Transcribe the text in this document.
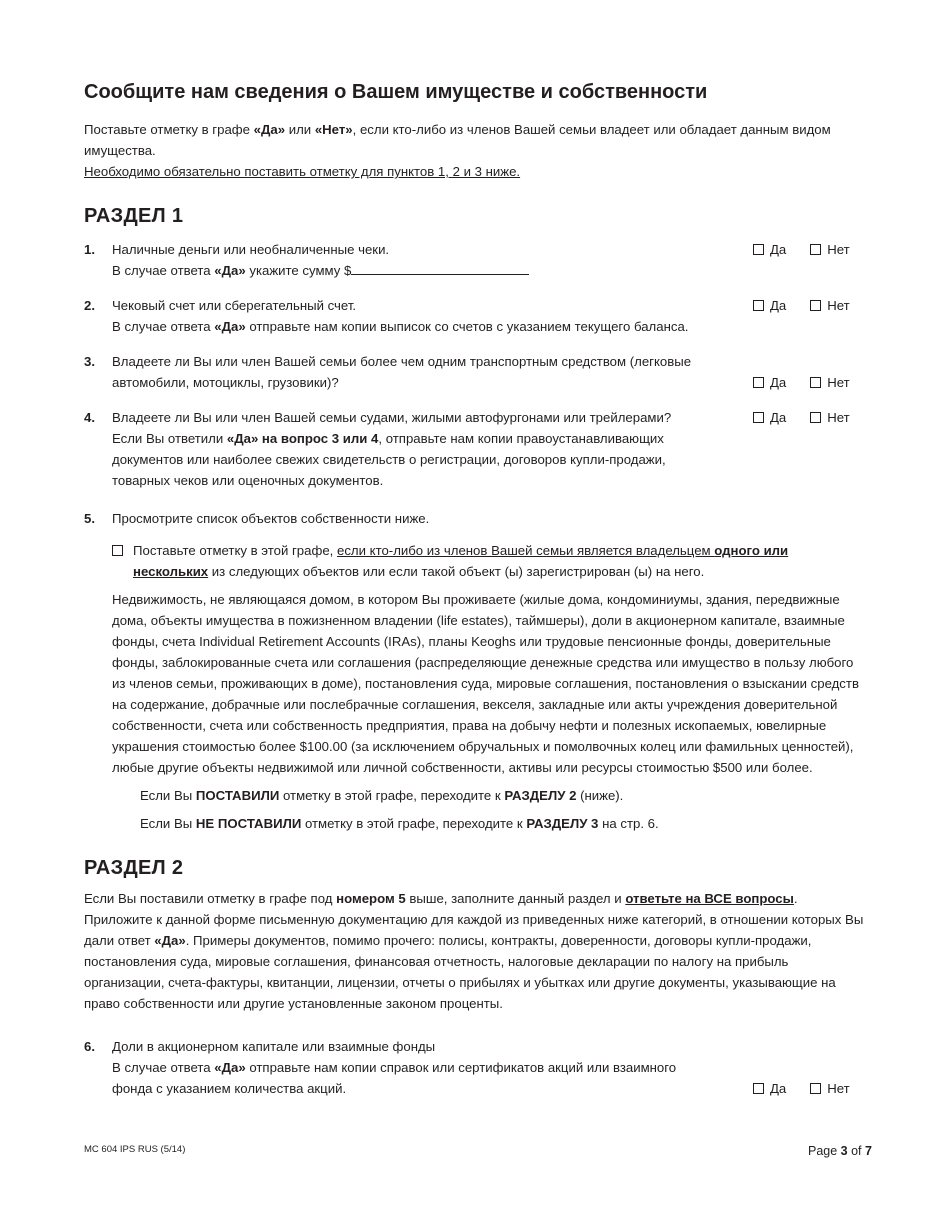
Сообщите нам сведения о Вашем имуществе и собственности

Поставьте отметку в графе «Да» или «Нет», если кто-либо из членов Вашей семьи владеет или обладает данным видом имущества.

Необходимо обязательно поставить отметку для пунктов 1, 2 и 3 ниже.

РАЗДЕЛ 1
1.	Да	Нет

Наличные деньги или необналиченные чеки.

В случае ответа «Да» укажите сумму $

2.	Да	Нет

Чековый счет или сберегательный счет.

В случае ответа «Да» отправьте нам копии выписок со счетов с указанием текущего баланса.

3.
Да	Нет

Владеете ли Вы или член Вашей семьи более чем одним транспортным средством (легковые автомобили, мотоциклы, грузовики)?

4.	Да	Нет

Владеете ли Вы или член Вашей семьи судами, жилыми автофургонами или трейлерами?

Если Вы ответили «Да» на вопрос 3 или 4, отправьте нам копии правоустанавливающих документов или наиболее свежих свидетельств о регистрации, договоров купли-продажи, товарных чеков или оценочных документов.

5. Просмотрите список объектов собственности ниже.

Поставьте отметку в этой графе, если кто-либо из членов Вашей семьи является владельцем одного или нескольких из следующих объектов или если такой объект (ы) зарегистрирован (ы) на него.

Недвижимость, не являющаяся домом, в котором Вы проживаете (жилые дома, кондоминиумы, здания, передвижные дома, объекты имущества в пожизненном владении (life estates), таймшеры), доли в акционерном капитале, взаимные фонды, счета Individual Retirement Accounts (IRAs), планы Keoghs или трудовые пенсионные фонды, доверительные фонды, заблокированные счета или соглашения (распределяющие денежные средства или имущество в пользу любого из членов семьи, проживающих в доме), постановления суда, мировые соглашения, постановления о взыскании средств на содержание, добрачные или послебрачные соглашения, векселя, закладные или акты учреждения доверительной собственности, счета или собственность предприятия, права на добычу нефти и полезных ископаемых, ювелирные украшения стоимостью более $100.00 (за исключением обручальных и помолвочных колец или фамильных ценностей), любые другие объекты недвижимой или личной собственности, активы или ресурсы стоимостью $500 или более.

Если Вы ПОСТАВИЛИ отметку в этой графе, переходите к РАЗДЕЛУ 2 (ниже).

Если Вы НЕ ПОСТАВИЛИ отметку в этой графе, переходите к РАЗДЕЛУ 3 на стр. 6.

РАЗДЕЛ 2

Если Вы поставили отметку в графе под номером 5 выше, заполните данный раздел и ответьте на ВСЕ вопросы. Приложите к данной форме письменную документацию для каждой из приведенных ниже категорий, в отношении которых Вы дали ответ «Да». Примеры документов, помимо прочего: полисы, контракты, доверенности, договоры купли-продажи, постановления суда, мировые соглашения, финансовая отчетность, налоговые декларации по налогу на прибыль организации, счета-фактуры, квитанции, лицензии, отчеты о прибылях и убытках или другие документы, указывающие на право собственности или другие установленные законом проценты.

6.
Да	Нет

Доли в акционерном капитале или взаимные фонды

В случае ответа «Да» отправьте нам копии справок или сертификатов акций или взаимного фонда с указанием количества акций.

MC 604 IPS RUS (5/14)	Page 3 of 7
